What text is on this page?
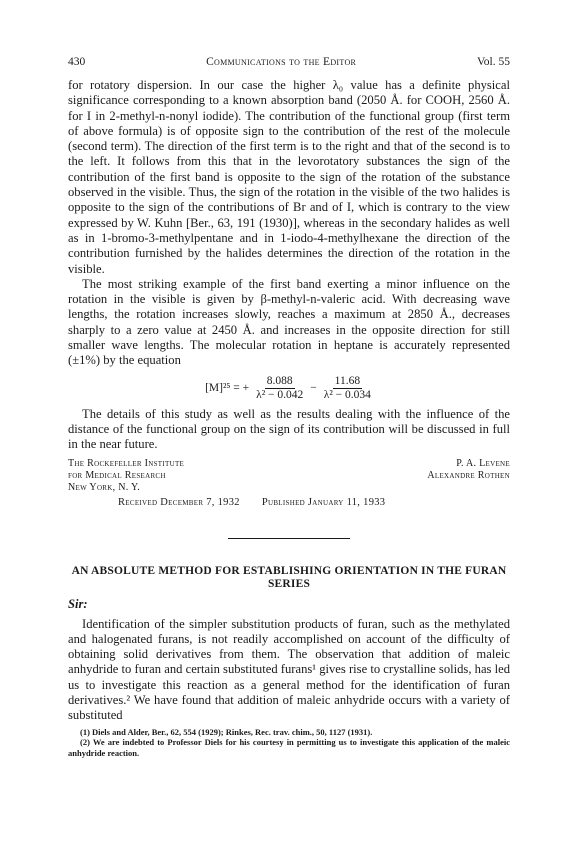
430	Communications to the Editor	Vol. 55

for rotatory dispersion. In our case the higher λ₀ value has a definite physical significance corresponding to a known absorption band (2050 Å. for COOH, 2560 Å. for I in 2-methyl-n-nonyl iodide). The contribution of the functional group (first term of above formula) is of opposite sign to the contribution of the rest of the molecule (second term). The direction of the first term is to the right and that of the second is to the left. It follows from this that in the levorotatory substances the sign of the contribution of the first band is opposite to the sign of the rotation of the substance observed in the visible. Thus, the sign of the rotation in the visible of the two halides is opposite to the sign of the contributions of Br and of I, which is contrary to the view expressed by W. Kuhn [Ber., 63, 191 (1930)], whereas in the secondary halides as well as in 1-bromo-3-methylpentane and in 1-iodo-4-methylhexane the direction of the contribution furnished by the halides determines the direction of the rotation in the visible.

The most striking example of the first band exerting a minor influence on the rotation in the visible is given by β-methyl-n-valeric acid. With decreasing wave lengths, the rotation increases slowly, reaches a maximum at 2850 Å., decreases sharply to a zero value at 2450 Å. and increases in the opposite direction for still smaller wave lengths. The molecular rotation in heptane is accurately represented (±1%) by the equation

[M]²⁵ = + $\frac{8.088}{\text{λ² − 0.042}} - \frac{11.68}{\text{λ² − 0.034}}$

The details of this study as well as the results dealing with the influence of the distance of the functional group on the sign of its contribution will be discussed in full in the near future.

The Rockefeller Institute
for Medical Research
New York, N. Y.
P. A. Levene
Alexandre Rothen
Received December 7, 1932 Published January 11, 1933
AN ABSOLUTE METHOD FOR ESTABLISHING ORIENTATION IN THE FURAN SERIES
Sir:

Identification of the simpler substitution products of furan, such as the methylated and halogenated furans, is not readily accomplished on account of the difficulty of obtaining solid derivatives from them. The observation that addition of maleic anhydride to furan and certain substituted furans¹ gives rise to crystalline solids, has led us to investigate this reaction as a general method for the identification of furan derivatives.² We have found that addition of maleic anhydride occurs with a variety of substituted

(1) Diels and Alder, Ber., 62, 554 (1929); Rinkes, Rec. trav. chim., 50, 1127 (1931).
(2) We are indebted to Professor Diels for his courtesy in permitting us to investigate this application of the maleic anhydride reaction.
